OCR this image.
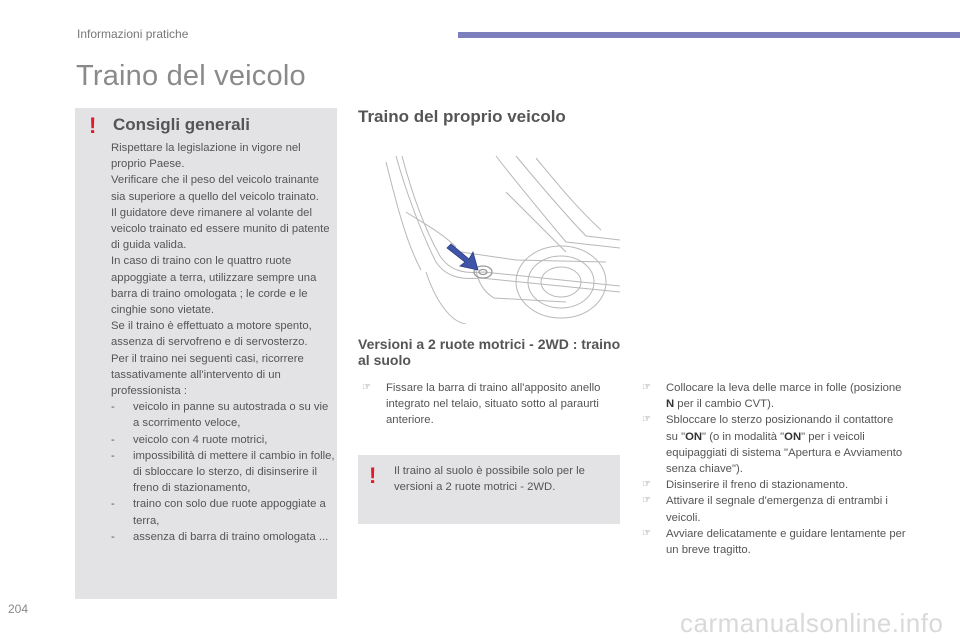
Informazioni pratiche
Traino del veicolo
! Consigli generali

Rispettare la legislazione in vigore nel proprio Paese.

Verificare che il peso del veicolo trainante sia superiore a quello del veicolo trainato.

Il guidatore deve rimanere al volante del veicolo trainato ed essere munito di patente di guida valida.

In caso di traino con le quattro ruote appoggiate a terra, utilizzare sempre una barra di traino omologata ; le corde e le cinghie sono vietate.

Se il traino è effettuato a motore spento, assenza di servofreno e di servosterzo.

Per il traino nei seguenti casi, ricorrere tassativamente all'intervento di un professionista :

-	veicolo in panne su autostrada o su vie a scorrimento veloce,
-	veicolo con 4 ruote motrici,
-	impossibilità di mettere il cambio in folle, di sbloccare lo sterzo, di disinserire il freno di stazionamento,
-	traino con solo due ruote appoggiate a terra,
-	assenza di barra di traino omologata ...
Traino del proprio veicolo
Versioni a 2 ruote motrici - 2WD : traino al suolo
☞	Fissare la barra di traino all'apposito anello integrato nel telaio, situato sotto al paraurti anteriore.
! Il traino al suolo è possibile solo per le versioni a 2 ruote motrici - 2WD.
☞	Collocare la leva delle marce in folle (posizione N per il cambio CVT).
☞	Sbloccare lo sterzo posizionando il contattore su "ON" (o in modalità "ON" per i veicoli equipaggiati di sistema "Apertura e Avviamento senza chiave").
☞	Disinserire il freno di stazionamento.
☞	Attivare il segnale d'emergenza di entrambi i veicoli.
☞	Avviare delicatamente e guidare lentamente per un breve tragitto.
204	carmanualsonline.info
